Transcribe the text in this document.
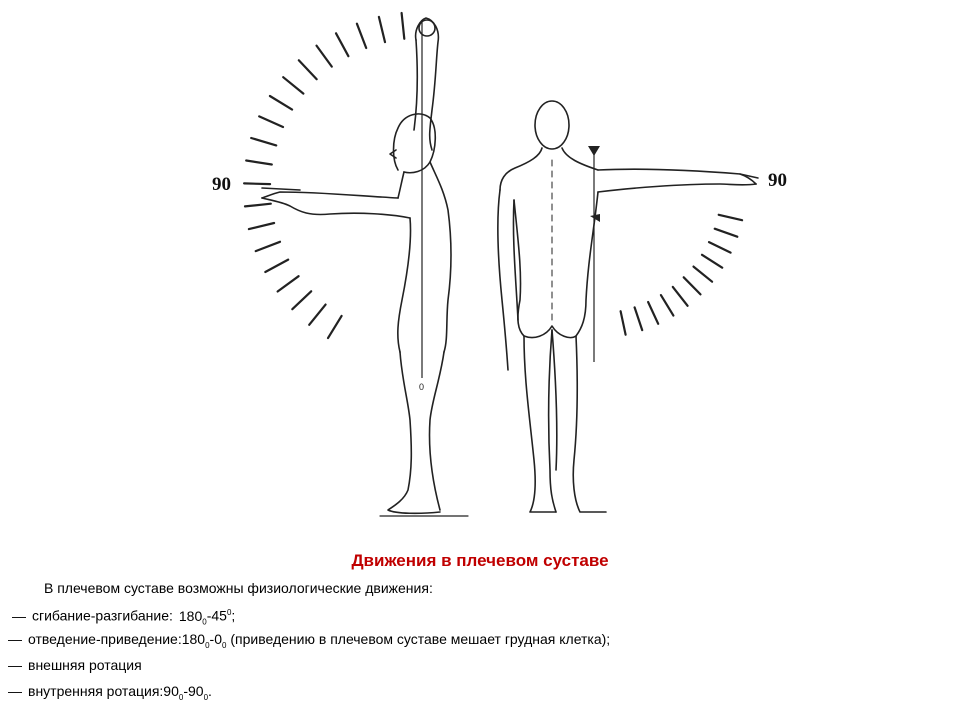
0
90	90

Движения в плечевом суставе

В плечевом суставе возможны физиологические движения:

— сгибание-разгибание: $180_0-45^0$;
— отведение-$приведение:180_0-0_0$ (приведению в плечевом суставе мешает грудная клетка);
— внешняя ротация
— внутренняя $ротация:90_0-90_0$.
